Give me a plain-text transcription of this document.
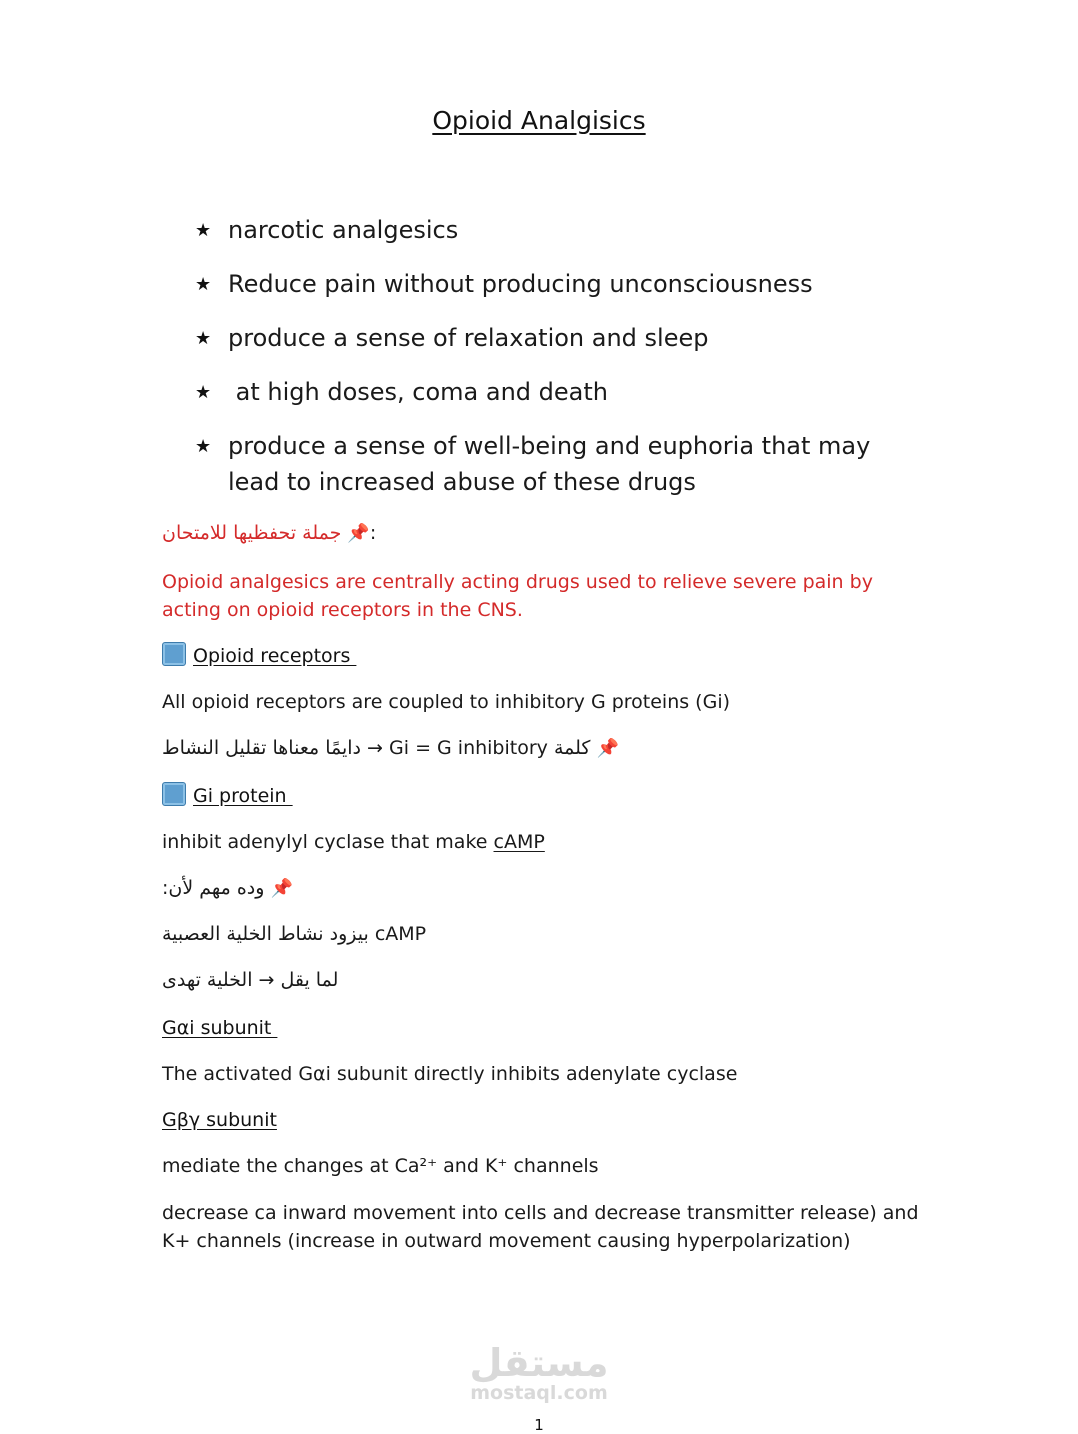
Opioid Analgisics
★ narcotic analgesics
★ Reduce pain without producing unconsciousness
★ produce a sense of relaxation and sleep
★ at high doses, coma and death
★ produce a sense of well-being and euphoria that may lead to increased abuse of these drugs
جملة تحفظيها للامتحان 📌:
Opioid analgesics are centrally acting drugs used to relieve severe pain by acting on opioid receptors in the CNS.
Opioid receptors
All opioid receptors are coupled to inhibitory G proteins (Gi)
كلمة Gi = G inhibitory → دايمًا معناها تقليل النشاط 📌
Gi protein
inhibit adenylyl cyclase that make cAMP
وده مهم لأن: 📌
cAMP بيزود نشاط الخلية العصبية
لما يقل → الخلية تهدى
Gαi subunit
The activated Gαi subunit directly inhibits adenylate cyclase
Gβγ subunit
mediate the changes at Ca²⁺ and K⁺ channels
decrease ca inward movement into cells and decrease transmitter release) and K+ channels (increase in outward movement causing hyperpolarization)
مستقل
mostaql.com
1
